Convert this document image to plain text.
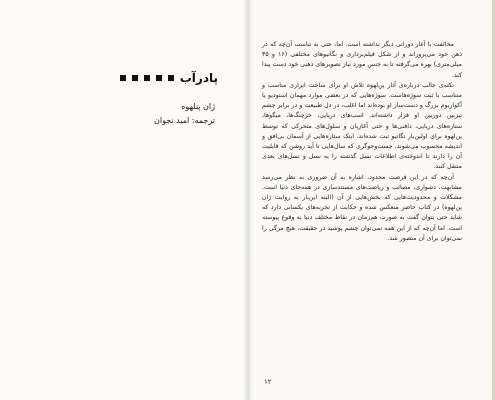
پادرآب
ژان پنلهوه
ترجمه: امید نجوان

مخالفت با آغاز دورانی دیگر نداشته است. اما، حتی به تناسب آن‌چه که در ذهن خود می‌پروراند و از شکل فیلم‌برداری و نگاتیوهای مختلفی (۱۶ و ۳۵ میلی‌متری) بهره می‌گرفته تا به جنس مورد نیاز تصویرهای ذهنی خود دست پیدا کند.

نکته‌ی جالب درباره‌ی آثار پن‌لهوه تلاش او برای ساخت ابزاری مناسب و متناسب با ثبت سوژه‌هاست. سوژه‌هایی که در بعضی موارد مهمان استودیو یا آکواریوم بزرگ و دست‌ساز او بوده‌اند اما اغلب، در دل طبیعت و در برابر چشم تیزبین دوربین او قرار داشته‌اند. اسب‌های دریایی، خرچنگ‌ها، میگوها، ستاره‌های دریایی، دافنی‌ها و حتی آغازیان و سلول‌های متحرکی که توسط پن‌لهوه برای اولین‌بار نگاتیو ثبت شده‌اند. اینک ستاره‌هایی از آسمان بی‌افق و اندیشه محسوب می‌شوند. جست‌وجوگری که سال‌هایی تا آید روشن که قابلیت آن را دارند تا اندوخته‌ی اطلاعات نسل گذشته را به نسل و نسل‌های بعدی منتقل کنند.

آن‌چه که در این فرصت محدود، اشاره به آن ضروری به نظر می‌رسد مشابهت، دشواری، مصائب و ریاضت‌های مستندسازی در همه‌جای دنیا است. مشکلات و محدودیت‌هایی که بخش‌هایی از آن (البته این‌بار به روایت ژان پن‌لهوه) در کتاب حاضر منعکس شده و حکایت از تجربه‌های یکسانی دارد که شاید حتی بتوان گفت به صورت هم‌زمان در نقاط مختلف دنیا به وقوع پیوسته است. اما آن‌چه که از این همه نمی‌توان چشم پوشید در حقیقت، هیچ مرگی را نمی‌توان برای آن متصور شد.

۱۲
